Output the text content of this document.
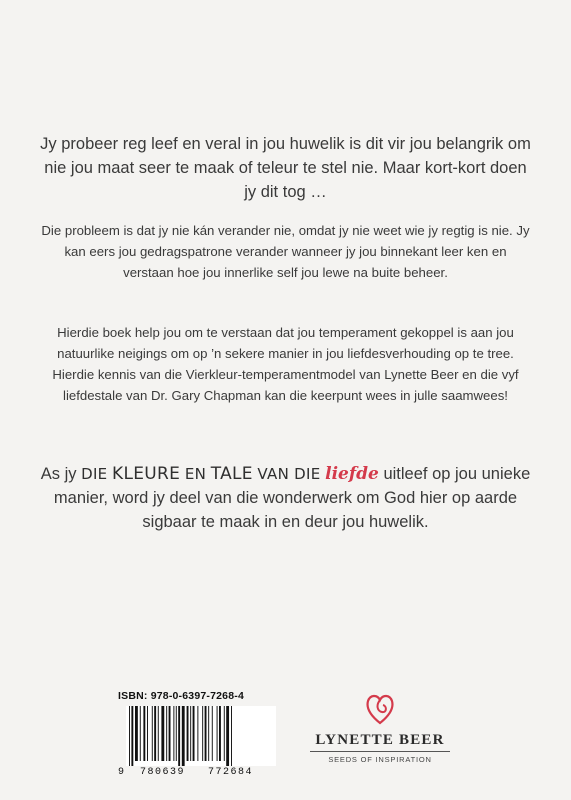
Jy probeer reg leef en veral in jou huwelik is dit vir jou belangrik om nie jou maat seer te maak of teleur te stel nie. Maar kort-kort doen jy dit tog …

Die probleem is dat jy nie kán verander nie, omdat jy nie weet wie jy regtig is nie. Jy kan eers jou gedragspatrone verander wanneer jy jou binnekant leer ken en verstaan hoe jou innerlike self jou lewe na buite beheer.

Hierdie boek help jou om te verstaan dat jou temperament gekoppel is aan jou natuurlike neigings om op ’n sekere manier in jou liefdesverhouding op te tree. Hierdie kennis van die Vierkleur-temperamentmodel van Lynette Beer en die vyf liefdestale van Dr. Gary Chapman kan die keerpunt wees in julle saamwees!

As jy DIE KLEURE EN TALE VAN DIE liefde uitleef op jou unieke manier, word jy deel van die wonderwerk om God hier op aarde sigbaar te maak in en deur jou huwelik.

ISBN: 978-0-6397-7268-4
9 780639 772684
LYNETTE BEER
SEEDS OF INSPIRATION
